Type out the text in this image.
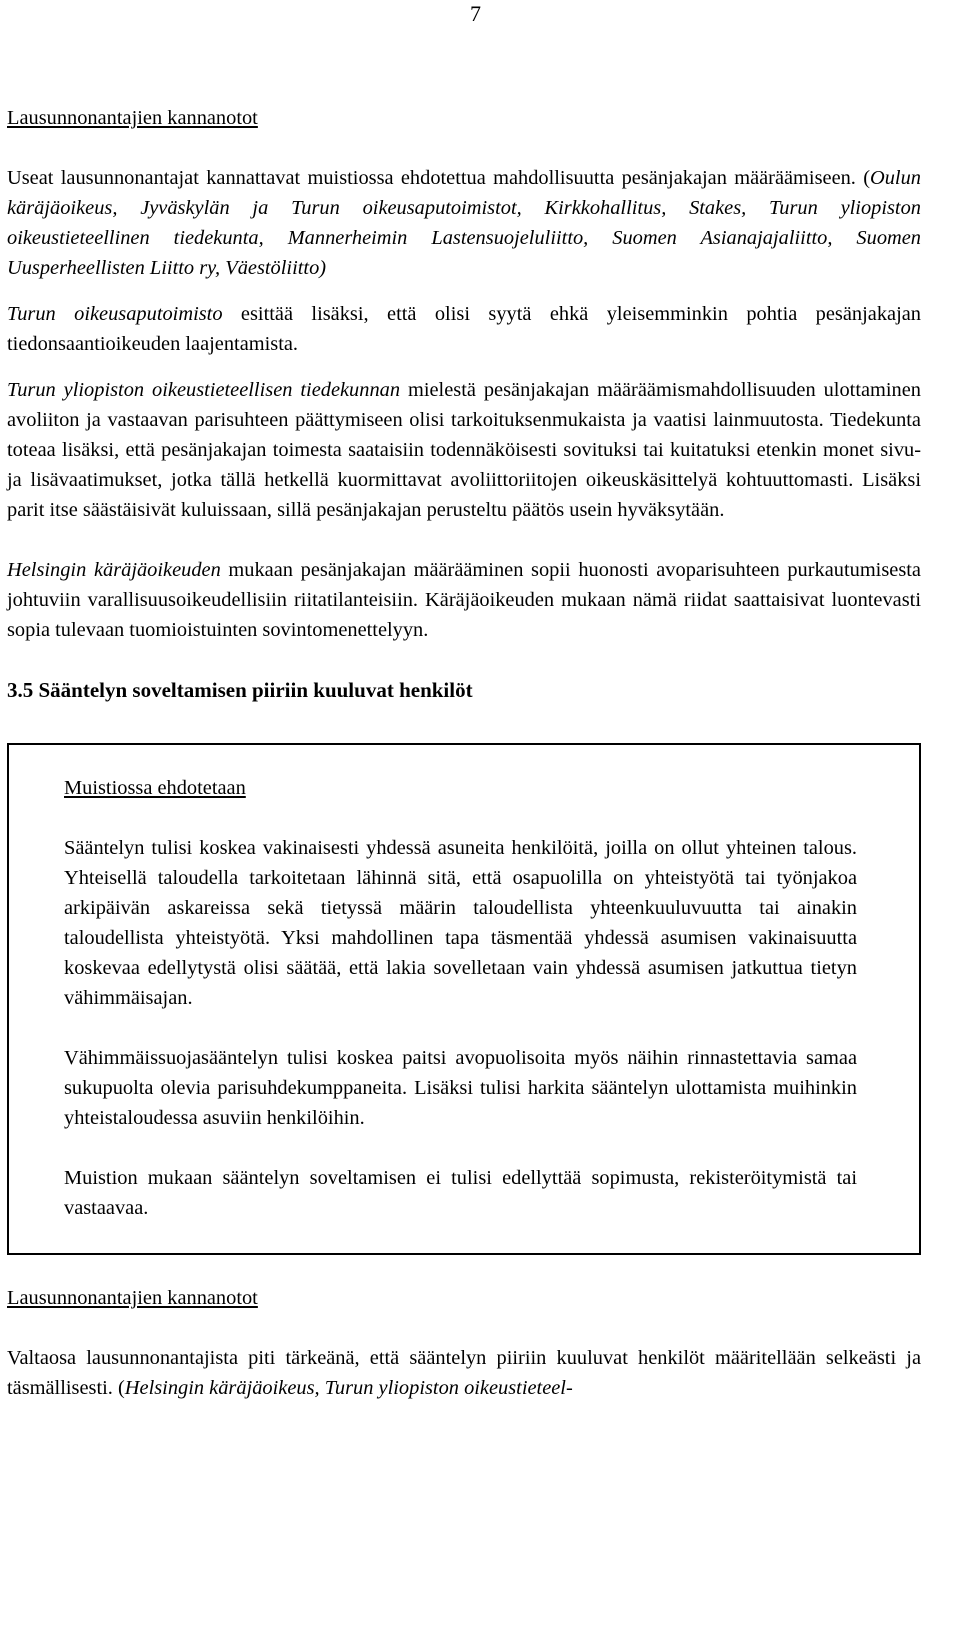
7
Lausunnonantajien kannanotot

Useat lausunnonantajat kannattavat muistiossa ehdotettua mahdollisuutta pesänjakajan määräämiseen. (Oulun käräjäoikeus, Jyväskylän ja Turun oikeusaputoimistot, Kirkkohallitus, Stakes, Turun yliopiston oikeustieteellinen tiedekunta, Mannerheimin Lastensuojeluliitto, Suomen Asianajajaliitto, Suomen Uusperheellisten Liitto ry, Väestöliitto)

Turun oikeusaputoimisto esittää lisäksi, että olisi syytä ehkä yleisemminkin pohtia pesänjakajan tiedonsaantioikeuden laajentamista.

Turun yliopiston oikeustieteellisen tiedekunnan mielestä pesänjakajan määräämismahdollisuuden ulottaminen avoliiton ja vastaavan parisuhteen päättymiseen olisi tarkoituksenmukaista ja vaatisi lainmuutosta. Tiedekunta toteaa lisäksi, että pesänjakajan toimesta saataisiin todennäköisesti sovituksi tai kuitatuksi etenkin monet sivu- ja lisävaatimukset, jotka tällä hetkellä kuormittavat avoliittoriitojen oikeuskäsittelyä kohtuuttomasti. Lisäksi parit itse säästäisivät kuluissaan, sillä pesänjakajan perusteltu päätös usein hyväksytään.

Helsingin käräjäoikeuden mukaan pesänjakajan määrääminen sopii huonosti avoparisuhteen purkautumisesta johtuviin varallisuusoikeudellisiin riitatilanteisiin. Käräjäoikeuden mukaan nämä riidat saattaisivat luontevasti sopia tulevaan tuomioistuinten sovintomenettelyyn.

3.5 Sääntelyn soveltamisen piiriin kuuluvat henkilöt
Muistiossa ehdotetaan

Sääntelyn tulisi koskea vakinaisesti yhdessä asuneita henkilöitä, joilla on ollut yhteinen talous. Yhteisellä taloudella tarkoitetaan lähinnä sitä, että osapuolilla on yhteistyötä tai työnjakoa arkipäivän askareissa sekä tietyssä määrin taloudellista yhteenkuuluvuutta tai ainakin taloudellista yhteistyötä. Yksi mahdollinen tapa täsmentää yhdessä asumisen vakinaisuutta koskevaa edellytystä olisi säätää, että lakia sovelletaan vain yhdessä asumisen jatkuttua tietyn vähimmäisajan.

Vähimmäissuojasääntelyn tulisi koskea paitsi avopuolisoita myös näihin rinnastettavia samaa sukupuolta olevia parisuhdekumppaneita. Lisäksi tulisi harkita sääntelyn ulottamista muihinkin yhteistaloudessa asuviin henkilöihin.

Muistion mukaan sääntelyn soveltamisen ei tulisi edellyttää sopimusta, rekisteröitymistä tai vastaavaa.

Lausunnonantajien kannanotot

Valtaosa lausunnonantajista piti tärkeänä, että sääntelyn piiriin kuuluvat henkilöt määritellään selkeästi ja täsmällisesti. (Helsingin käräjäoikeus, Turun yliopiston oikeustieteel-
